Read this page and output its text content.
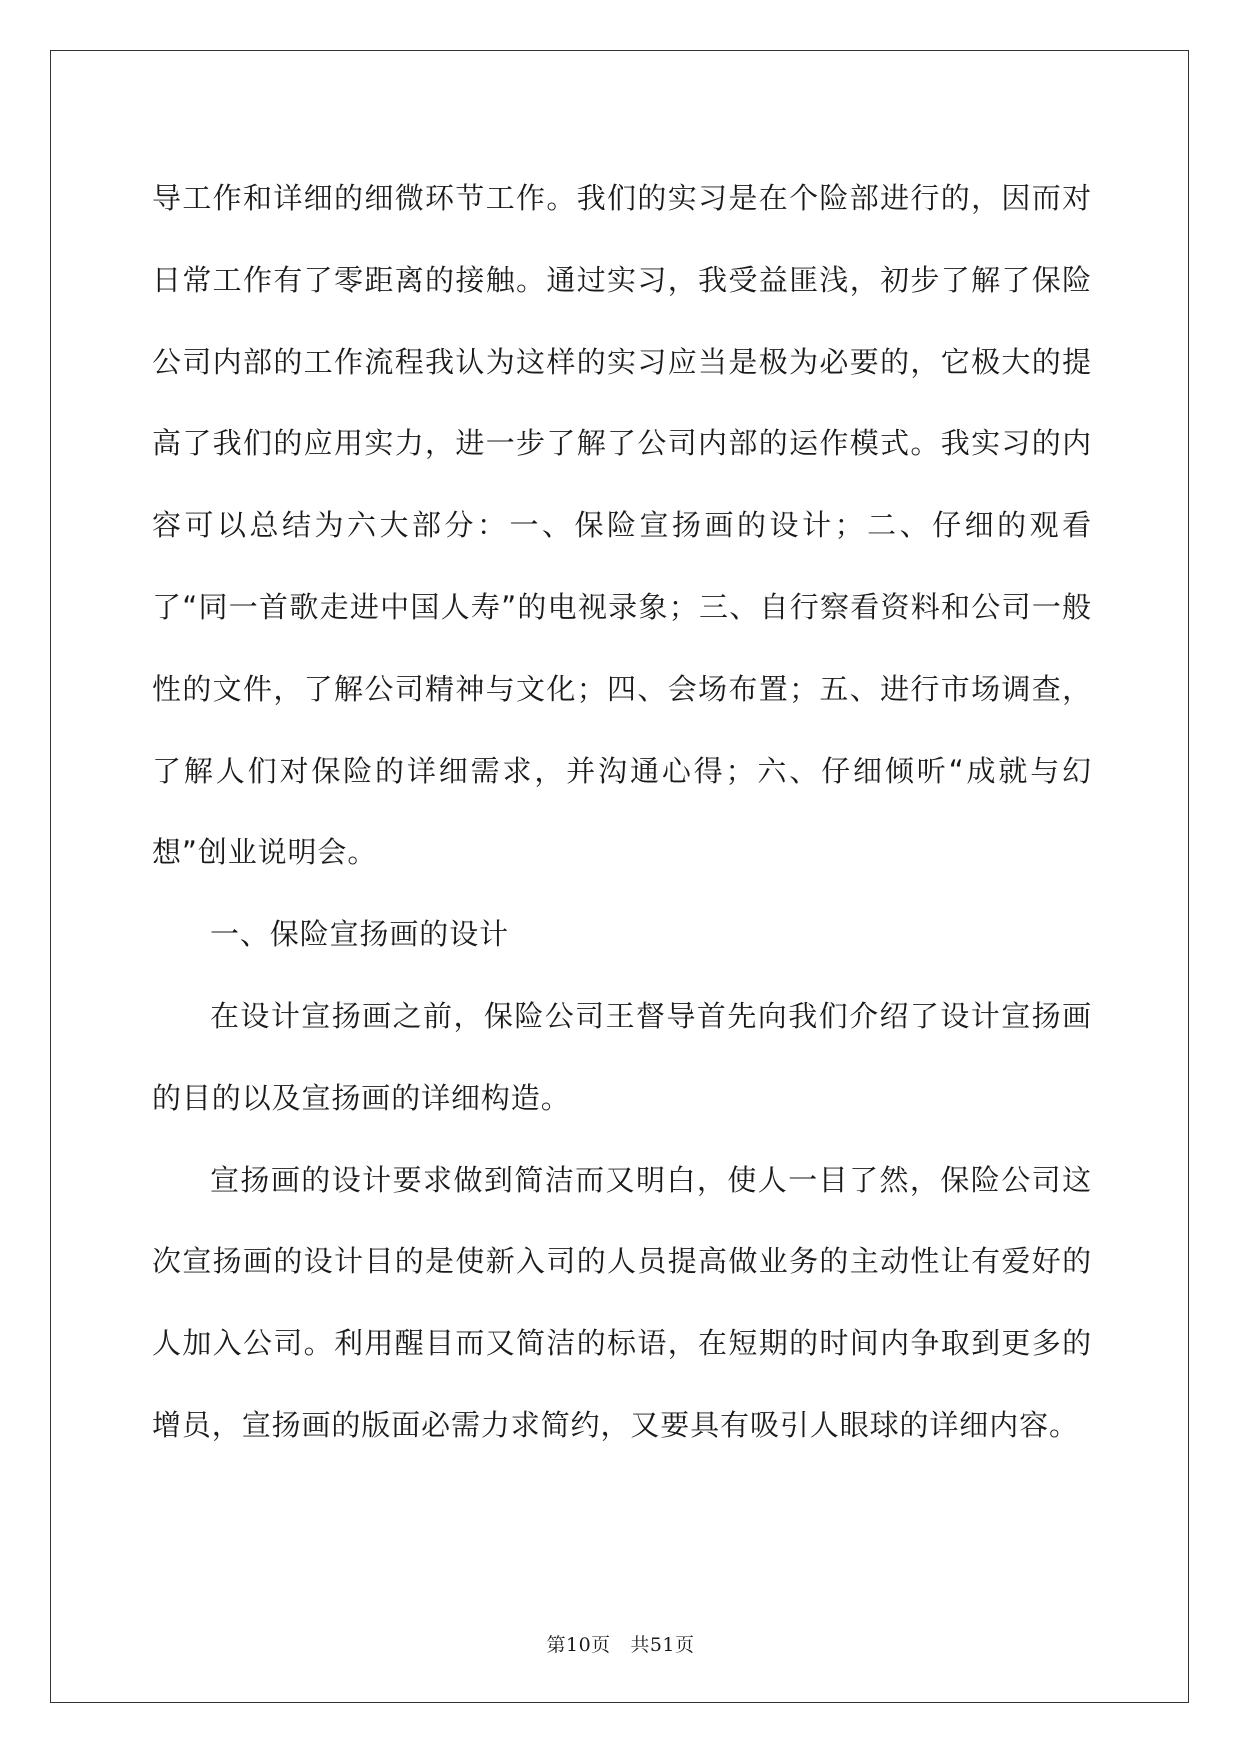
导工作和详细的细微环节工作。我们的实习是在个险部进行的，因而对日常工作有了零距离的接触。通过实习，我受益匪浅，初步了解了保险公司内部的工作流程我认为这样的实习应当是极为必要的，它极大的提高了我们的应用实力，进一步了解了公司内部的运作模式。我实习的内容可以总结为六大部分：一、保险宣扬画的设计；二、仔细的观看了“同一首歌走进中国人寿”的电视录象；三、自行察看资料和公司一般性的文件，了解公司精神与文化；四、会场布置；五、进行市场调查，了解人们对保险的详细需求，并沟通心得；六、仔细倾听“成就与幻想”创业说明会。

一、保险宣扬画的设计

在设计宣扬画之前，保险公司王督导首先向我们介绍了设计宣扬画的目的以及宣扬画的详细构造。

宣扬画的设计要求做到简洁而又明白，使人一目了然，保险公司这次宣扬画的设计目的是使新入司的人员提高做业务的主动性让有爱好的人加入公司。利用醒目而又简洁的标语，在短期的时间内争取到更多的增员，宣扬画的版面必需力求简约，又要具有吸引人眼球的详细内容。

第10页 共51页
